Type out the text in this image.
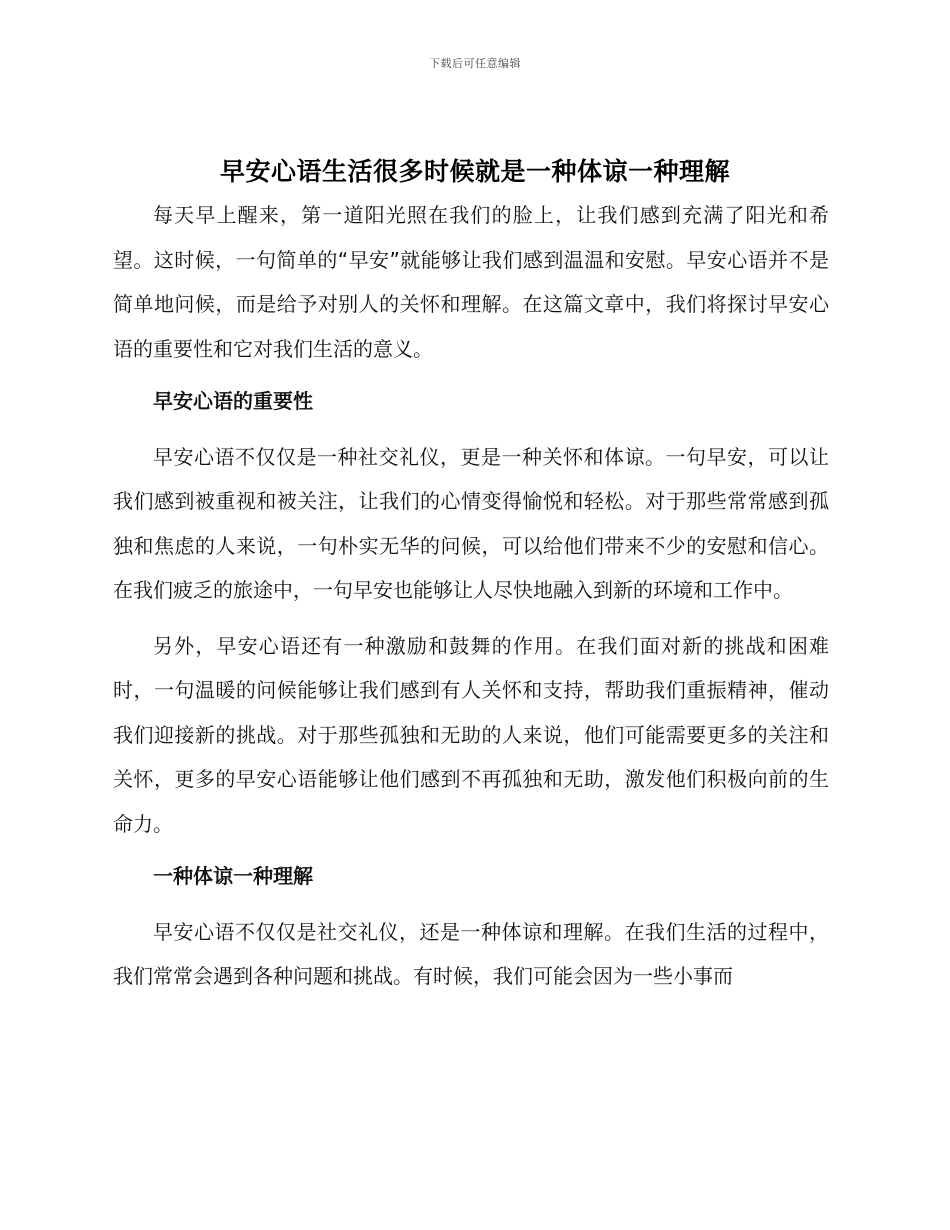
下载后可任意编辑
早安心语生活很多时候就是一种体谅一种理解

每天早上醒来，第一道阳光照在我们的脸上，让我们感到充满了阳光和希望。这时候，一句简单的“早安”就能够让我们感到温温和安慰。早安心语并不是简单地问候，而是给予对别人的关怀和理解。在这篇文章中，我们将探讨早安心语的重要性和它对我们生活的意义。

早安心语的重要性

早安心语不仅仅是一种社交礼仪，更是一种关怀和体谅。一句早安，可以让我们感到被重视和被关注，让我们的心情变得愉悦和轻松。对于那些常常感到孤独和焦虑的人来说，一句朴实无华的问候，可以给他们带来不少的安慰和信心。在我们疲乏的旅途中，一句早安也能够让人尽快地融入到新的环境和工作中。

另外，早安心语还有一种激励和鼓舞的作用。在我们面对新的挑战和困难时，一句温暖的问候能够让我们感到有人关怀和支持，帮助我们重振精神，催动我们迎接新的挑战。对于那些孤独和无助的人来说，他们可能需要更多的关注和关怀，更多的早安心语能够让他们感到不再孤独和无助，激发他们积极向前的生命力。

一种体谅一种理解

早安心语不仅仅是社交礼仪，还是一种体谅和理解。在我们生活的过程中，我们常常会遇到各种问题和挑战。有时候，我们可能会因为一些小事而
